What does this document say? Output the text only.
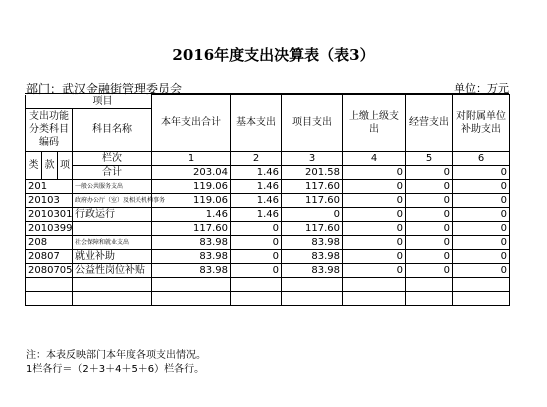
2016年度支出决算表（表3）
部门：武汉金融街管理委员会	单位：万元
项目				本年支出合计	基本支出	项目支出	上缴上级支出	经营支出	对附属单位补助支出
支出功能分类科目编码			科目名称						
类	款	项	栏次	1	2	3	4	5	6
			合计	203.04	1.46	201.58	0	0	0
201			一般公共服务支出	119.06	1.46	117.60	0	0	0
20103			政府办公厅（室）及相关机构事务	119.06	1.46	117.60	0	0	0
2010301			行政运行	1.46	1.46	0	0	0	0
2010399				117.60	0	117.60	0	0	0
208			社会保障和就业支出	83.98	0	83.98	0	0	0
20807			就业补助	83.98	0	83.98	0	0	0
2080705			公益性岗位补贴	83.98	0	83.98	0	0	0

注：本表反映部门本年度各项支出情况。
1栏各行＝（2＋3＋4＋5＋6）栏各行。
